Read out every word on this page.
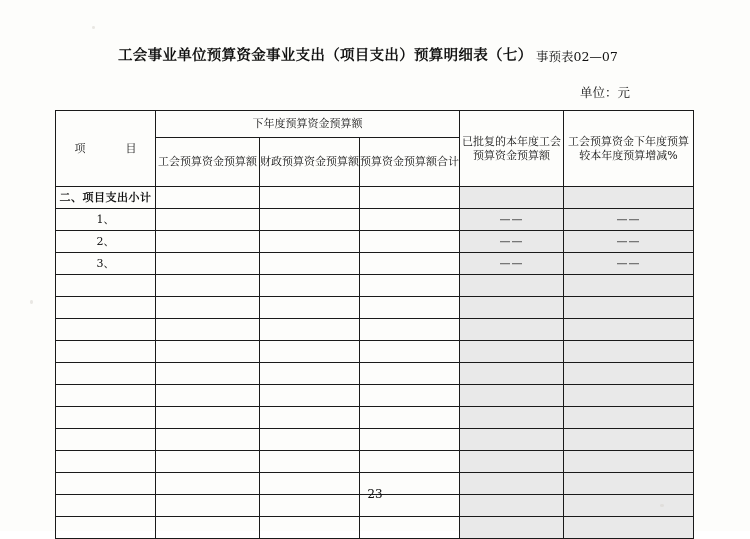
工会事业单位预算资金事业支出（项目支出）预算明细表（七） 事预表02—07
单位：元
项　　目	下年度预算资金预算额			已批复的本年度工会预算资金预算额	工会预算资金下年度预算较本年度预算增减%
	工会预算资金预算额	财政预算资金预算额	预算资金预算额合计		
二、项目支出小计					
1、				——	——
2、				——	——
3、				——	——

23
